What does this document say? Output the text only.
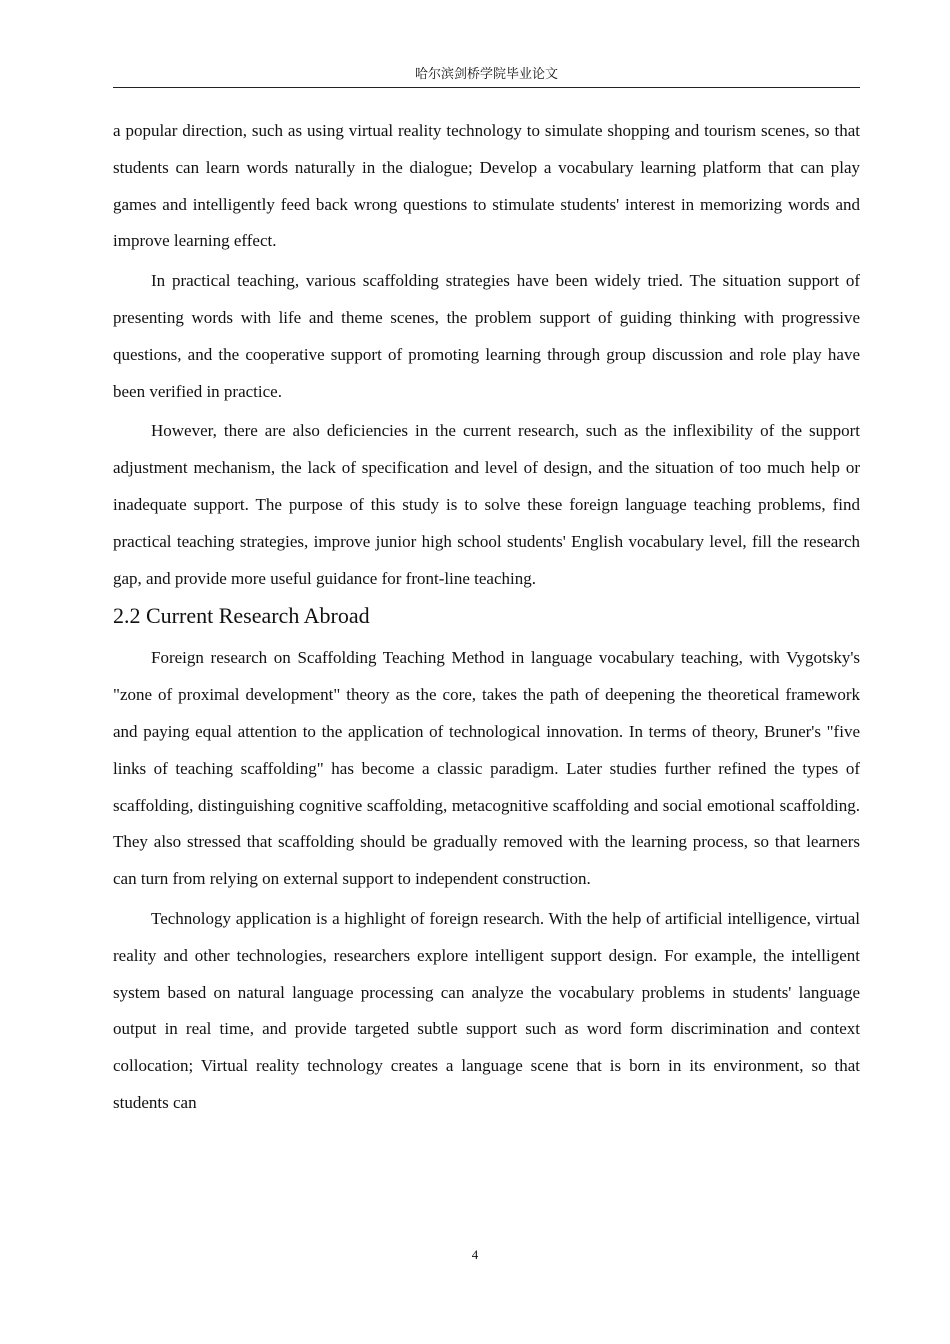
哈尔滨剑桥学院毕业论文

a popular direction, such as using virtual reality technology to simulate shopping and tourism scenes, so that students can learn words naturally in the dialogue; Develop a vocabulary learning platform that can play games and intelligently feed back wrong questions to stimulate students' interest in memorizing words and improve learning effect.

In practical teaching, various scaffolding strategies have been widely tried. The situation support of presenting words with life and theme scenes, the problem support of guiding thinking with progressive questions, and the cooperative support of promoting learning through group discussion and role play have been verified in practice.

However, there are also deficiencies in the current research, such as the inflexibility of the support adjustment mechanism, the lack of specification and level of design, and the situation of too much help or inadequate support. The purpose of this study is to solve these foreign language teaching problems, find practical teaching strategies, improve junior high school students' English vocabulary level, fill the research gap, and provide more useful guidance for front-line teaching.

2.2 Current Research Abroad

Foreign research on Scaffolding Teaching Method in language vocabulary teaching, with Vygotsky's "zone of proximal development" theory as the core, takes the path of deepening the theoretical framework and paying equal attention to the application of technological innovation. In terms of theory, Bruner's "five links of teaching scaffolding" has become a classic paradigm. Later studies further refined the types of scaffolding, distinguishing cognitive scaffolding, metacognitive scaffolding and social emotional scaffolding. They also stressed that scaffolding should be gradually removed with the learning process, so that learners can turn from relying on external support to independent construction.

Technology application is a highlight of foreign research. With the help of artificial intelligence, virtual reality and other technologies, researchers explore intelligent support design. For example, the intelligent system based on natural language processing can analyze the vocabulary problems in students' language output in real time, and provide targeted subtle support such as word form discrimination and context collocation; Virtual reality technology creates a language scene that is born in its environment, so that students can

4
